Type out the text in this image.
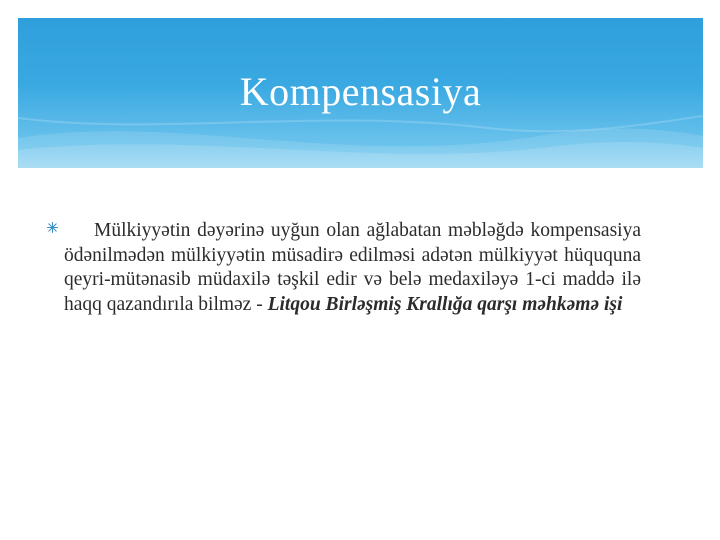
Kompensasiya

Mülkiyyətin dəyərinə uyğun olan ağlabatan məbləğdə kompensasiya ödənilmədən mülkiyyətin müsadirə edilməsi adətən mülkiyyət hüququna qeyri-mütənasib müdaxilə təşkil edir və belə medaxiləyə 1-ci maddə ilə haqq qazandırıla bilməz - Litqou Birləşmiş Krallığa qarşı məhkəmə işi
